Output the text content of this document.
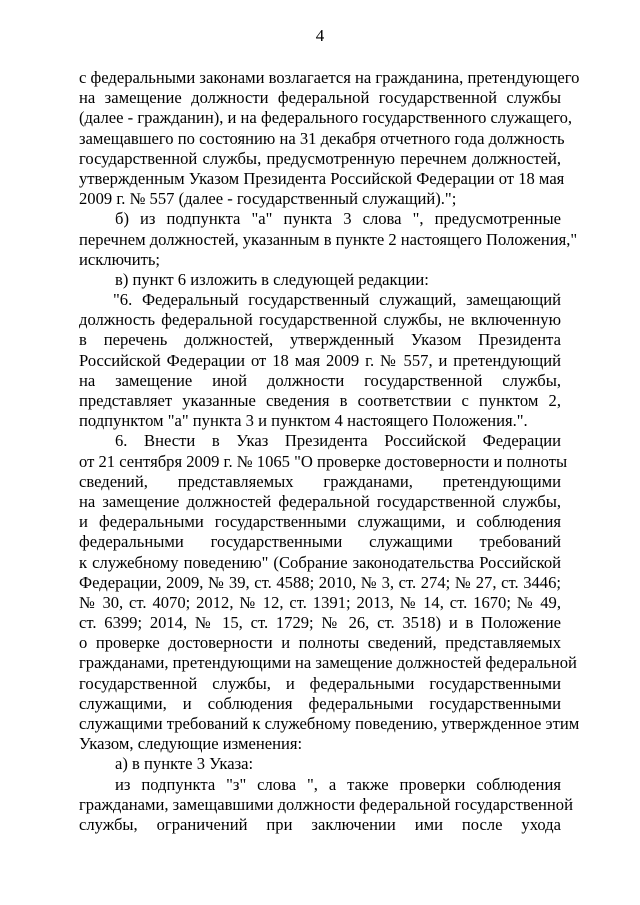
4
с федеральными законами возлагается на гражданина, претендующего
на замещение должности федеральной государственной службы
(далее - гражданин), и на федерального государственного служащего,
замещавшего по состоянию на 31 декабря отчетного года должность
государственной службы, предусмотренную перечнем должностей,
утвержденным Указом Президента Российской Федерации от 18 мая
2009 г. № 557 (далее - государственный служащий).";
б) из подпункта "а" пункта 3 слова ", предусмотренные
перечнем должностей, указанным в пункте 2 настоящего Положения,"
исключить;
в) пункт 6 изложить в следующей редакции:
"6. Федеральный государственный служащий, замещающий
должность федеральной государственной службы, не включенную
в перечень должностей, утвержденный Указом Президента
Российской Федерации от 18 мая 2009 г. № 557, и претендующий
на замещение иной должности государственной службы,
представляет указанные сведения в соответствии с пунктом 2,
подпунктом "а" пункта 3 и пунктом 4 настоящего Положения.".
6. Внести в Указ Президента Российской Федерации
от 21 сентября 2009 г. № 1065 "О проверке достоверности и полноты
сведений, представляемых гражданами, претендующими
на замещение должностей федеральной государственной службы,
и федеральными государственными служащими, и соблюдения
федеральными государственными служащими требований
к служебному поведению" (Собрание законодательства Российской
Федерации, 2009, № 39, ст. 4588; 2010, № 3, ст. 274; № 27, ст. 3446;
№ 30, ст. 4070; 2012, № 12, ст. 1391; 2013, № 14, ст. 1670; № 49,
ст. 6399; 2014, № 15, ст. 1729; № 26, ст. 3518) и в Положение
о проверке достоверности и полноты сведений, представляемых
гражданами, претендующими на замещение должностей федеральной
государственной службы, и федеральными государственными
служащими, и соблюдения федеральными государственными
служащими требований к служебному поведению, утвержденное этим
Указом, следующие изменения:
а) в пункте 3 Указа:
из подпункта "з" слова ", а также проверки соблюдения
гражданами, замещавшими должности федеральной государственной
службы, ограничений при заключении ими после ухода
